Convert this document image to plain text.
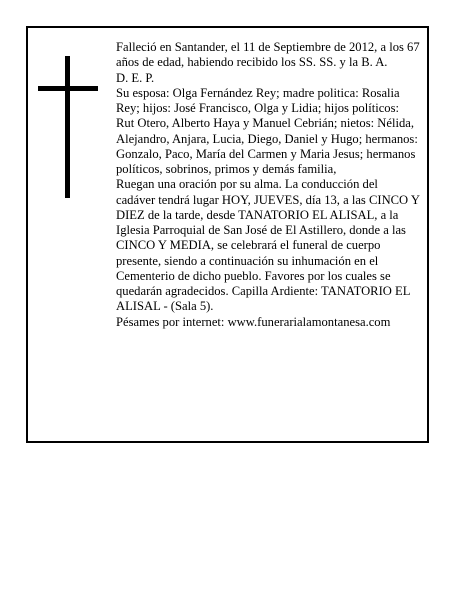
Falleció en Santander, el 11 de Septiembre de 2012, a los 67 años de edad, habiendo recibido los SS. SS. y la B. A.

D. E. P.

Su esposa: Olga Fernández Rey; madre politica: Rosalia Rey; hijos: José Francisco, Olga y Lidia; hijos políticos: Rut Otero, Alberto Haya y Manuel Cebrián; nietos: Nélida, Alejandro, Anjara, Lucia, Diego, Daniel y Hugo; hermanos: Gonzalo, Paco, María del Carmen y Maria Jesus; hermanos políticos, sobrinos, primos y demás familia,

Ruegan una oración por su alma. La conducción del cadáver tendrá lugar HOY, JUEVES, día 13, a las CINCO Y DIEZ de la tarde, desde TANATORIO EL ALISAL, a la Iglesia Parroquial de San José de El Astillero, donde a las CINCO Y MEDIA, se celebrará el funeral de cuerpo presente, siendo a continuación su inhumación en el Cementerio de dicho pueblo. Favores por los cuales se quedarán agradecidos. Capilla Ardiente: TANATORIO EL ALISAL - (Sala 5).

Pésames por internet: www.funerarialamontanesa.com
